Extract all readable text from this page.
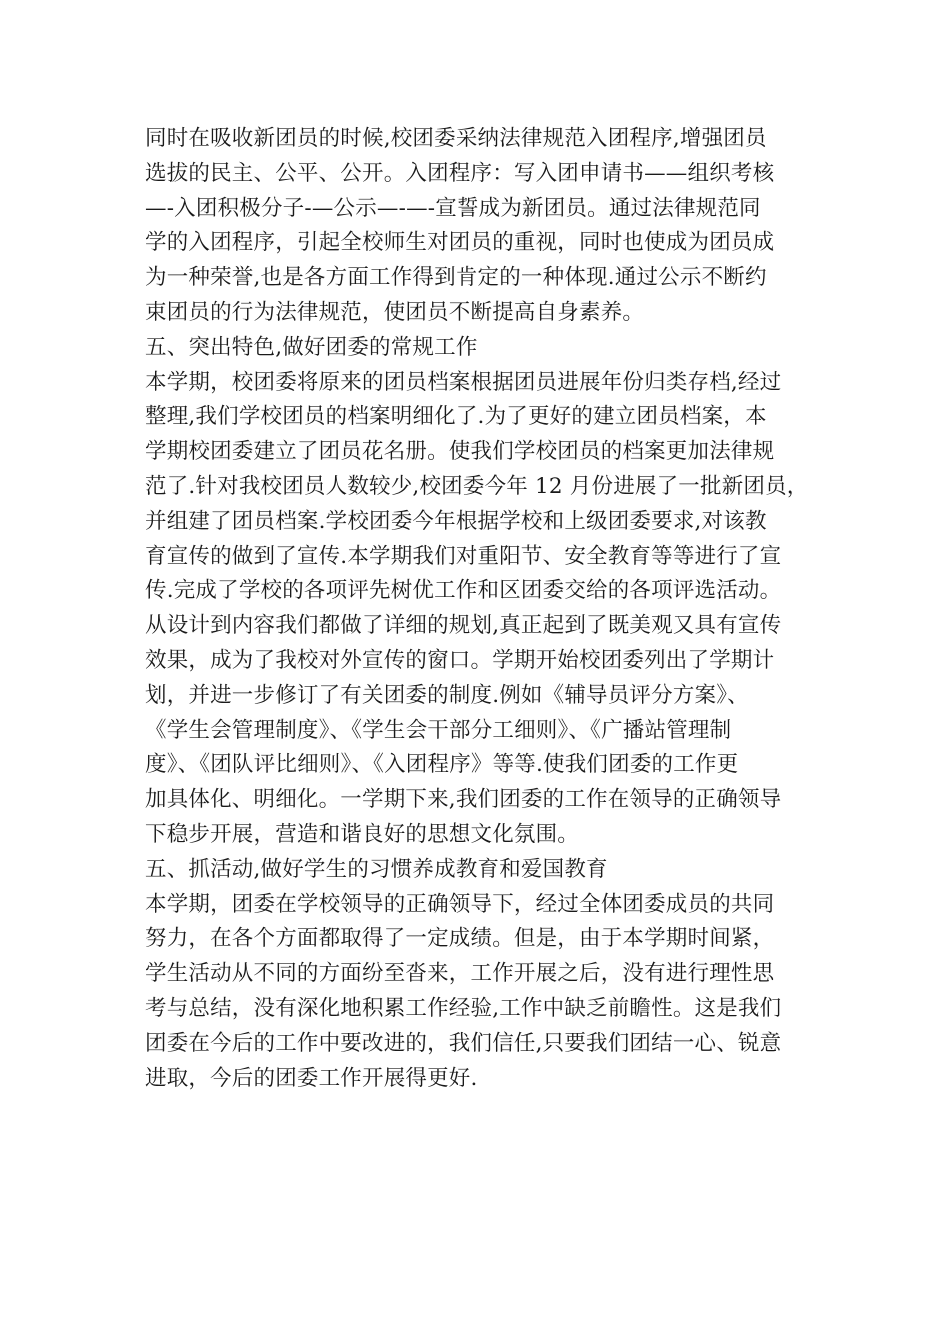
同时在吸收新团员的时候,校团委采纳法律规范入团程序,增强团员
选拔的民主、公平、公开。入团程序：写入团申请书——组织考核
—-入团积极分子-—公示—-—-宣誓成为新团员。通过法律规范同
学的入团程序，引起全校师生对团员的重视，同时也使成为团员成
为一种荣誉,也是各方面工作得到肯定的一种体现.通过公示不断约
束团员的行为法律规范，使团员不断提高自身素养。
五、突出特色,做好团委的常规工作
本学期，校团委将原来的团员档案根据团员进展年份归类存档,经过
整理,我们学校团员的档案明细化了.为了更好的建立团员档案，本
学期校团委建立了团员花名册。使我们学校团员的档案更加法律规
范了.针对我校团员人数较少,校团委今年 12 月份进展了一批新团员，
并组建了团员档案.学校团委今年根据学校和上级团委要求,对该教
育宣传的做到了宣传.本学期我们对重阳节、安全教育等等进行了宣
传.完成了学校的各项评先树优工作和区团委交给的各项评选活动。
从设计到内容我们都做了详细的规划,真正起到了既美观又具有宣传
效果，成为了我校对外宣传的窗口。学期开始校团委列出了学期计
划，并进一步修订了有关团委的制度.例如《辅导员评分方案》、
《学生会管理制度》、《学生会干部分工细则》、《广播站管理制
度》、《团队评比细则》、《入团程序》等等.使我们团委的工作更
加具体化、明细化。一学期下来,我们团委的工作在领导的正确领导
下稳步开展，营造和谐良好的思想文化氛围。
五、抓活动,做好学生的习惯养成教育和爱国教育
本学期，团委在学校领导的正确领导下，经过全体团委成员的共同
努力，在各个方面都取得了一定成绩。但是，由于本学期时间紧，
学生活动从不同的方面纷至沓来，工作开展之后，没有进行理性思
考与总结，没有深化地积累工作经验,工作中缺乏前瞻性。这是我们
团委在今后的工作中要改进的，我们信任,只要我们团结一心、锐意
进取，今后的团委工作开展得更好.
